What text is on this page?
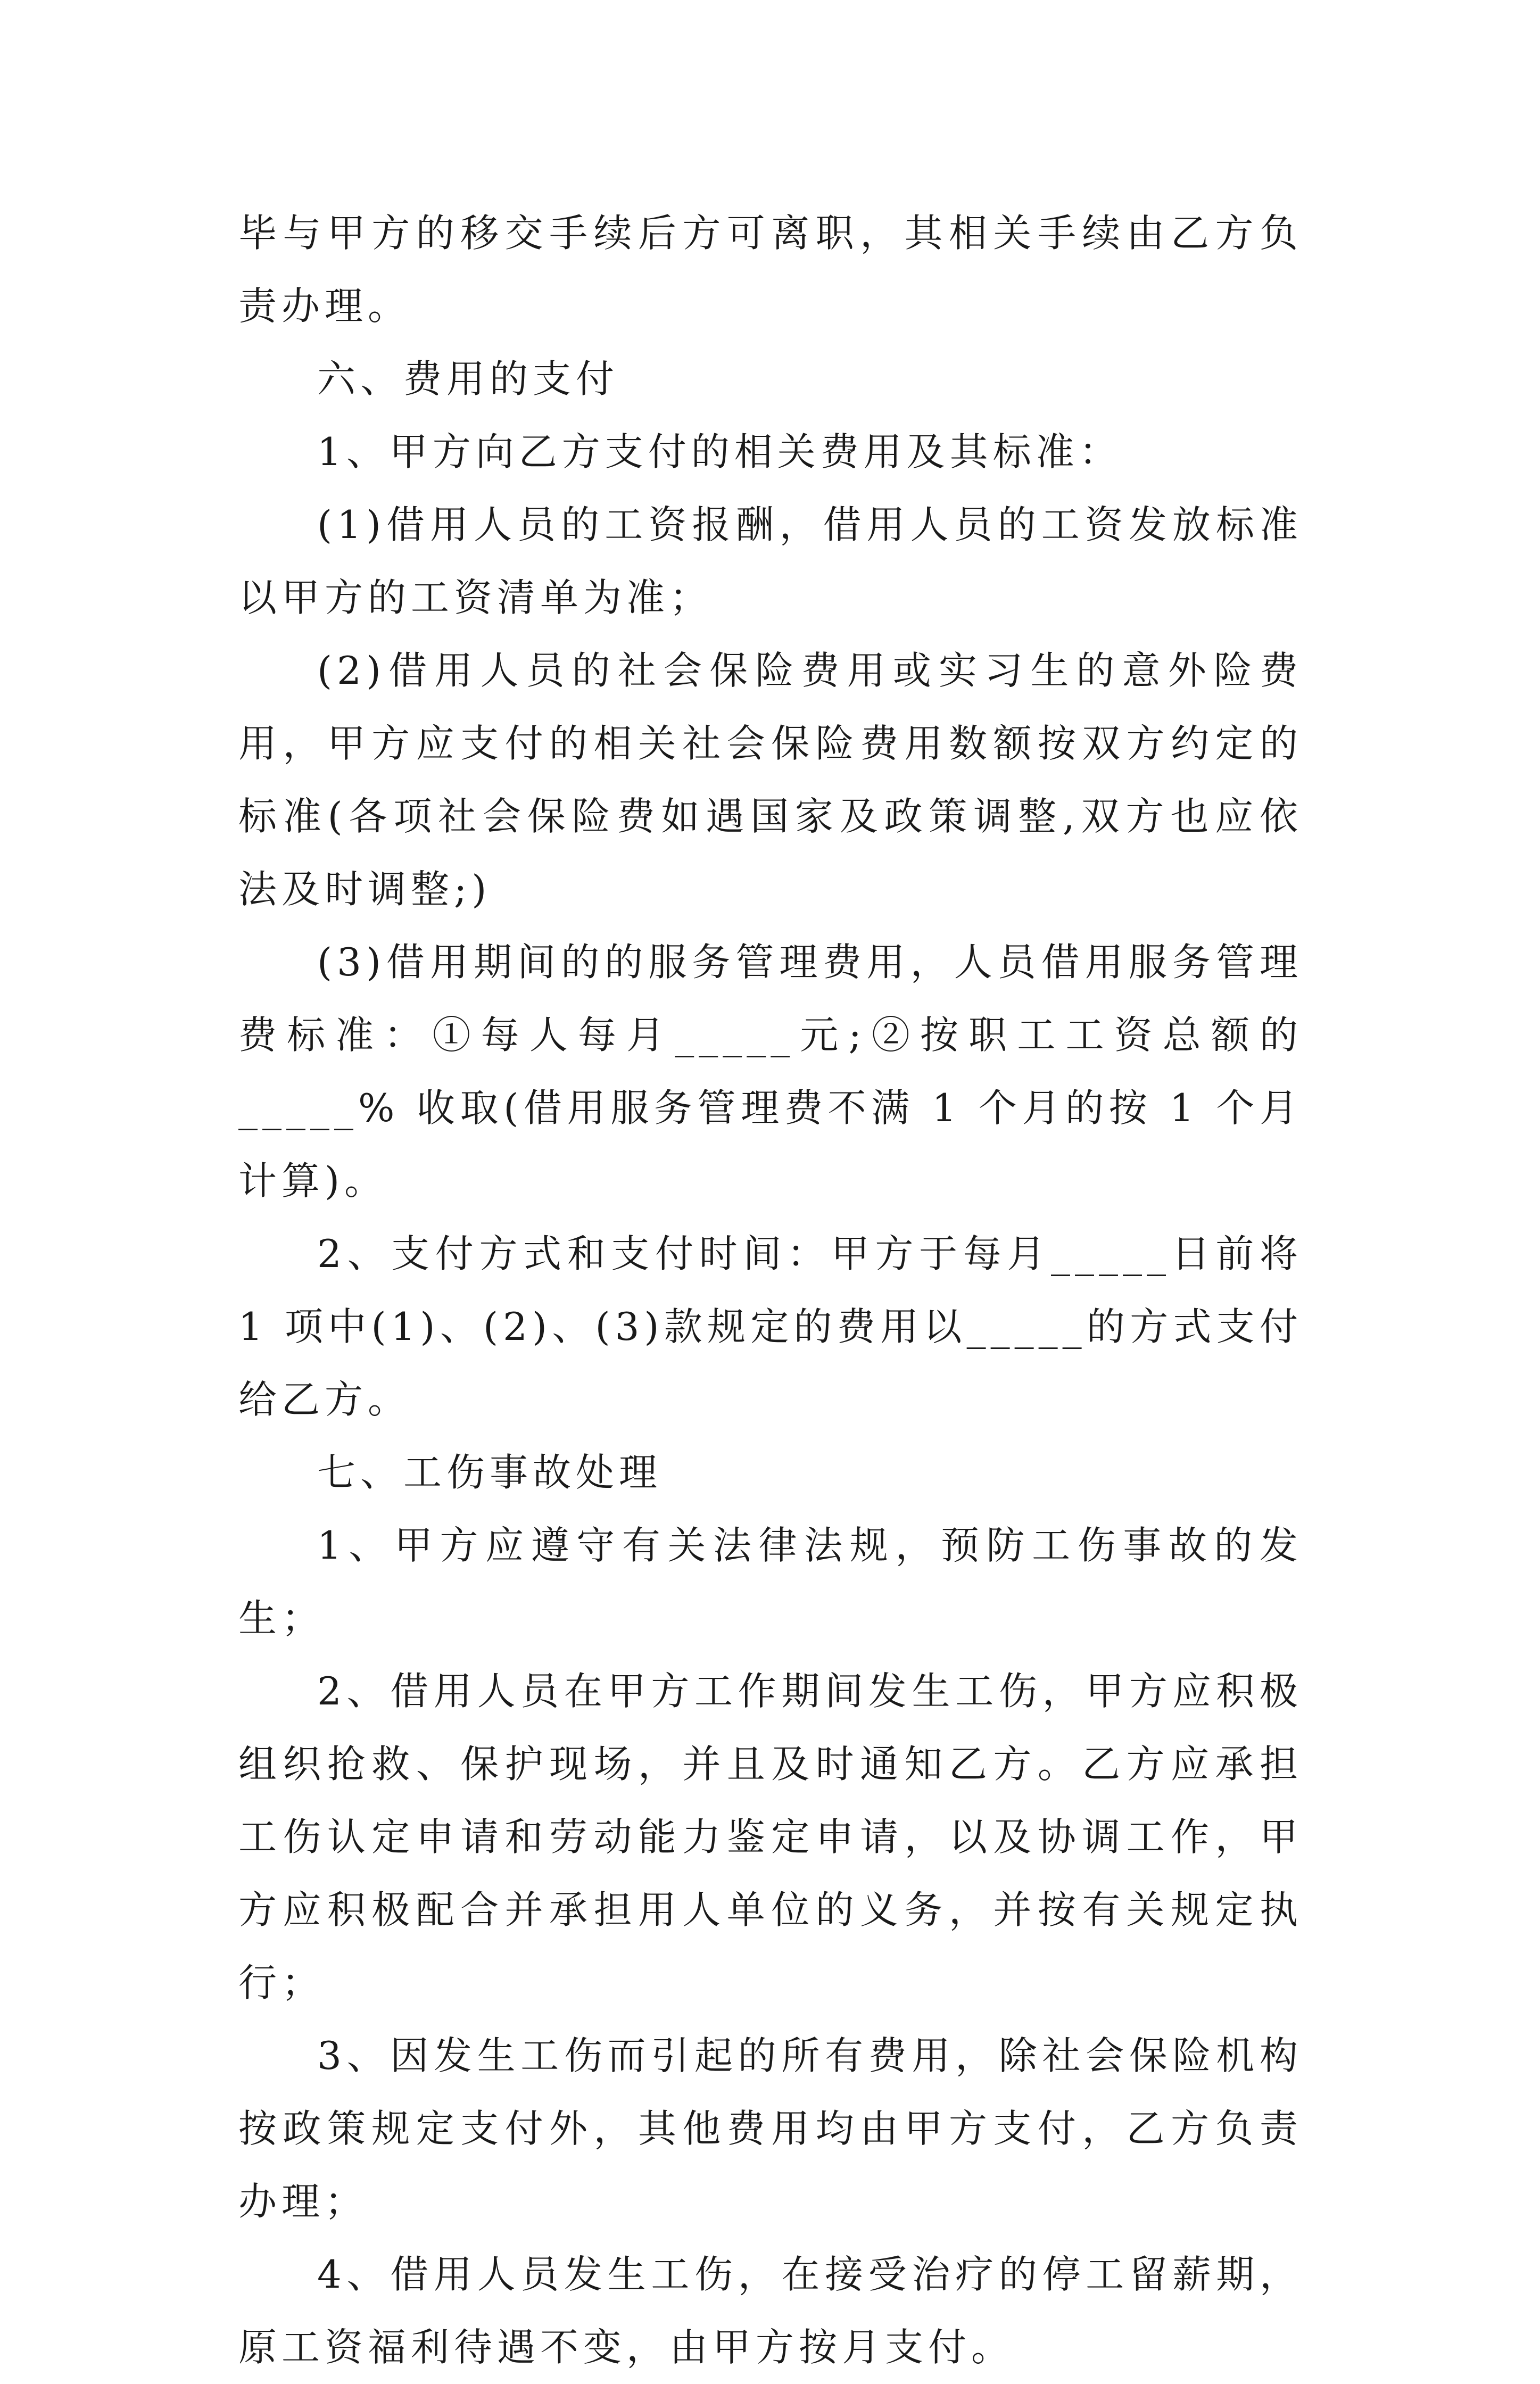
毕与甲方的移交手续后方可离职，其相关手续由乙方负责办理。

六、费用的支付

1、甲方向乙方支付的相关费用及其标准：

(1)借用人员的工资报酬，借用人员的工资发放标准以甲方的工资清单为准；

(2)借用人员的社会保险费用或实习生的意外险费用，甲方应支付的相关社会保险费用数额按双方约定的标准(各项社会保险费如遇国家及政策调整,双方也应依法及时调整;)

(3)借用期间的的服务管理费用，人员借用服务管理费标准：①每人每月_____元;②按职工工资总额的_____% 收取(借用服务管理费不满 1 个月的按 1 个月计算)。

2、支付方式和支付时间：甲方于每月_____日前将 1 项中(1)、(2)、(3)款规定的费用以_____的方式支付给乙方。

七、工伤事故处理

1、甲方应遵守有关法律法规，预防工伤事故的发生；

2、借用人员在甲方工作期间发生工伤，甲方应积极组织抢救、保护现场，并且及时通知乙方。乙方应承担工伤认定申请和劳动能力鉴定申请，以及协调工作，甲方应积极配合并承担用人单位的义务，并按有关规定执行；

3、因发生工伤而引起的所有费用，除社会保险机构按政策规定支付外，其他费用均由甲方支付，乙方负责办理；

4、借用人员发生工伤，在接受治疗的停工留薪期，原工资福利待遇不变，由甲方按月支付。
